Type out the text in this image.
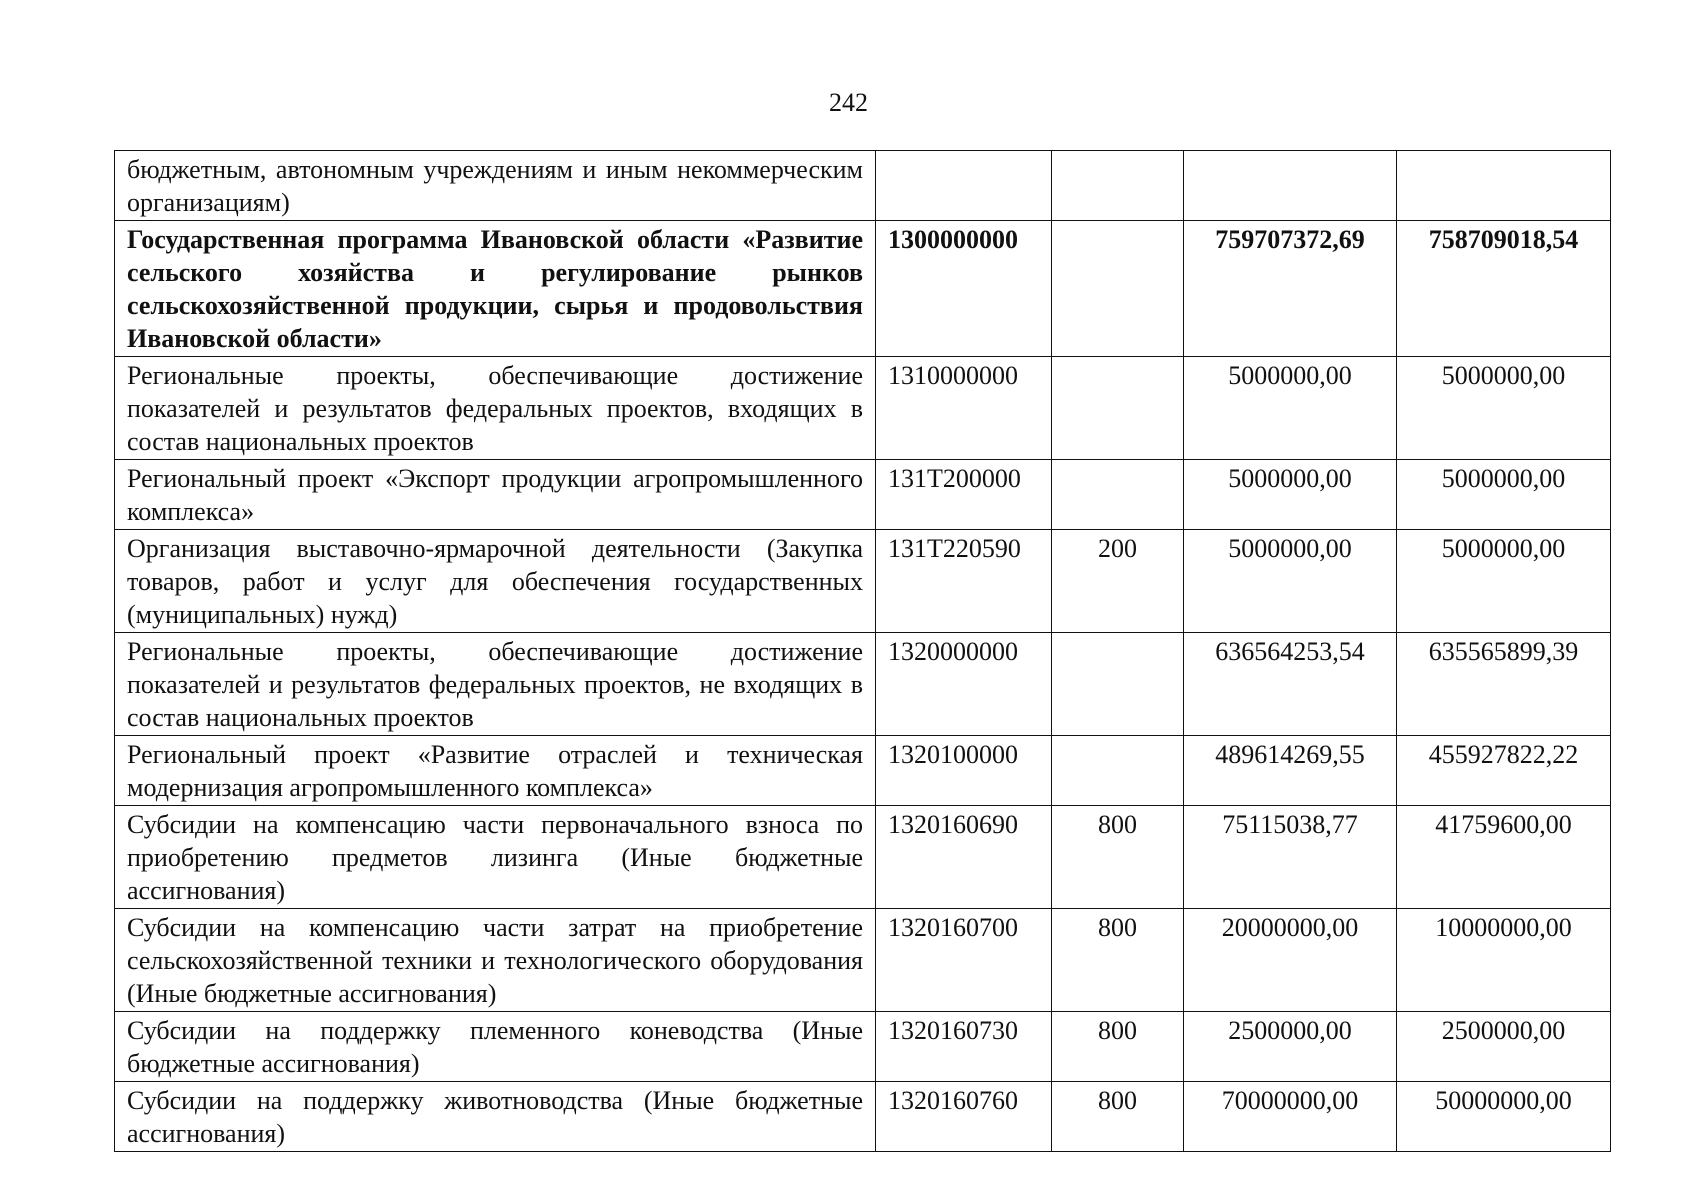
242
бюджетным, автономным учреждениям и иным некоммерческим организациям)				
Государственная программа Ивановской области «Развитие сельского хозяйства и регулирование рынков сельскохозяйственной продукции, сырья и продовольствия Ивановской области»	1300000000		759707372,69	758709018,54
Региональные проекты, обеспечивающие достижение показателей и результатов федеральных проектов, входящих в состав национальных проектов	1310000000		5000000,00	5000000,00
Региональный проект «Экспорт продукции агропромышленного комплекса»	131Т200000		5000000,00	5000000,00
Организация выставочно-ярмарочной деятельности (Закупка товаров, работ и услуг для обеспечения государственных (муниципальных) нужд)	131Т220590	200	5000000,00	5000000,00
Региональные проекты, обеспечивающие достижение показателей и результатов федеральных проектов, не входящих в состав национальных проектов	1320000000		636564253,54	635565899,39
Региональный проект «Развитие отраслей и техническая модернизация агропромышленного комплекса»	1320100000		489614269,55	455927822,22
Субсидии на компенсацию части первоначального взноса по приобретению предметов лизинга (Иные бюджетные ассигнования)	1320160690	800	75115038,77	41759600,00
Субсидии на компенсацию части затрат на приобретение сельскохозяйственной техники и технологического оборудования (Иные бюджетные ассигнования)	1320160700	800	20000000,00	10000000,00
Субсидии на поддержку племенного коневодства (Иные бюджетные ассигнования)	1320160730	800	2500000,00	2500000,00
Субсидии на поддержку животноводства (Иные бюджетные ассигнования)	1320160760	800	70000000,00	50000000,00
